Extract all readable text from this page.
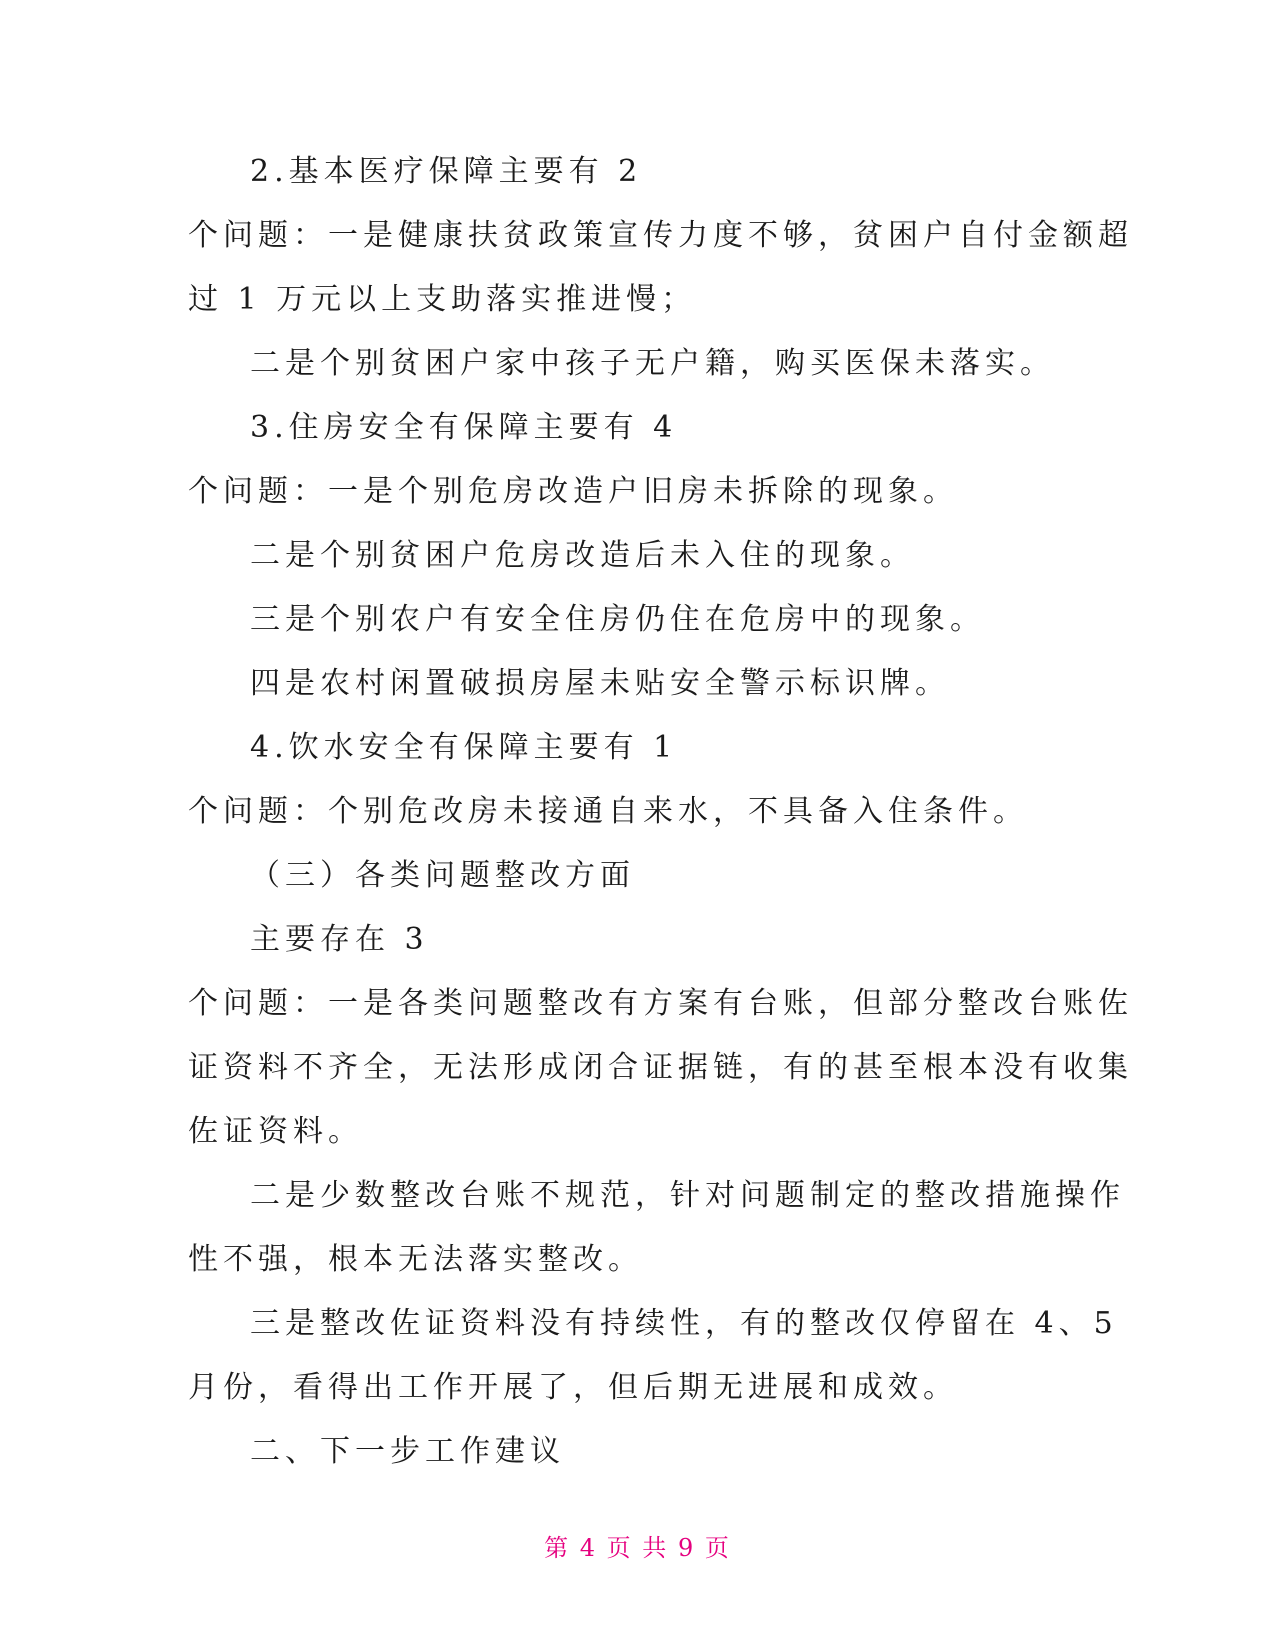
2.基本医疗保障主要有 2

个问题：一是健康扶贫政策宣传力度不够，贫困户自付金额超

过 1 万元以上支助落实推进慢；

二是个别贫困户家中孩子无户籍，购买医保未落实。

3.住房安全有保障主要有 4

个问题：一是个别危房改造户旧房未拆除的现象。

二是个别贫困户危房改造后未入住的现象。

三是个别农户有安全住房仍住在危房中的现象。

四是农村闲置破损房屋未贴安全警示标识牌。

4.饮水安全有保障主要有 1

个问题：个别危改房未接通自来水，不具备入住条件。

（三）各类问题整改方面

主要存在 3

个问题：一是各类问题整改有方案有台账，但部分整改台账佐

证资料不齐全，无法形成闭合证据链，有的甚至根本没有收集

佐证资料。

二是少数整改台账不规范，针对问题制定的整改措施操作

性不强，根本无法落实整改。

三是整改佐证资料没有持续性，有的整改仅停留在 4、5

月份，看得出工作开展了，但后期无进展和成效。

二、下一步工作建议

第 4 页 共 9 页
